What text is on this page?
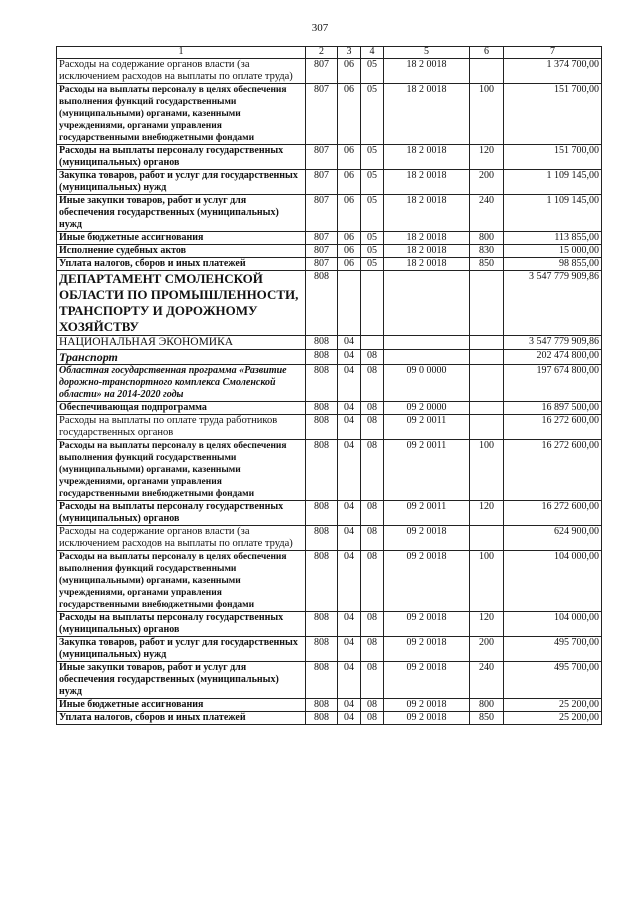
307
1	2	3	4	5	6	7
Расходы на содержание органов власти (за исключением расходов на выплаты по оплате труда)	807	06	05	18 2 0018		1 374 700,00
Расходы на выплаты персоналу в целях обеспечения выполнения функций государственными (муниципальными) органами, казенными учреждениями, органами управления государственными внебюджетными фондами	807	06	05	18 2 0018	100	151 700,00
Расходы на выплаты персоналу государственных (муниципальных) органов	807	06	05	18 2 0018	120	151 700,00
Закупка товаров, работ и услуг для государственных (муниципальных) нужд	807	06	05	18 2 0018	200	1 109 145,00
Иные закупки товаров, работ и услуг для обеспечения государственных (муниципальных) нужд	807	06	05	18 2 0018	240	1 109 145,00
Иные бюджетные ассигнования	807	06	05	18 2 0018	800	113 855,00
Исполнение судебных актов	807	06	05	18 2 0018	830	15 000,00
Уплата налогов, сборов и иных платежей	807	06	05	18 2 0018	850	98 855,00
ДЕПАРТАМЕНТ СМОЛЕНСКОЙ ОБЛАСТИ ПО ПРОМЫШЛЕННОСТИ, ТРАНСПОРТУ И ДОРОЖНОМУ ХОЗЯЙСТВУ	808					3 547 779 909,86
НАЦИОНАЛЬНАЯ ЭКОНОМИКА	808	04				3 547 779 909,86
Транспорт	808	04	08			202 474 800,00
Областная государственная программа «Развитие дорожно-транспортного комплекса Смоленской области» на 2014-2020 годы	808	04	08	09 0 0000		197 674 800,00
Обеспечивающая подпрограмма	808	04	08	09 2 0000		16 897 500,00
Расходы на выплаты по оплате труда работников государственных органов	808	04	08	09 2 0011		16 272 600,00
Расходы на выплаты персоналу в целях обеспечения выполнения функций государственными (муниципальными) органами, казенными учреждениями, органами управления государственными внебюджетными фондами	808	04	08	09 2 0011	100	16 272 600,00
Расходы на выплаты персоналу государственных (муниципальных) органов	808	04	08	09 2 0011	120	16 272 600,00
Расходы на содержание органов власти (за исключением расходов на выплаты по оплате труда)	808	04	08	09 2 0018		624 900,00
Расходы на выплаты персоналу в целях обеспечения выполнения функций государственными (муниципальными) органами, казенными учреждениями, органами управления государственными внебюджетными фондами	808	04	08	09 2 0018	100	104 000,00
Расходы на выплаты персоналу государственных (муниципальных) органов	808	04	08	09 2 0018	120	104 000,00
Закупка товаров, работ и услуг для государственных (муниципальных) нужд	808	04	08	09 2 0018	200	495 700,00
Иные закупки товаров, работ и услуг для обеспечения государственных (муниципальных) нужд	808	04	08	09 2 0018	240	495 700,00
Иные бюджетные ассигнования	808	04	08	09 2 0018	800	25 200,00
Уплата налогов, сборов и иных платежей	808	04	08	09 2 0018	850	25 200,00
